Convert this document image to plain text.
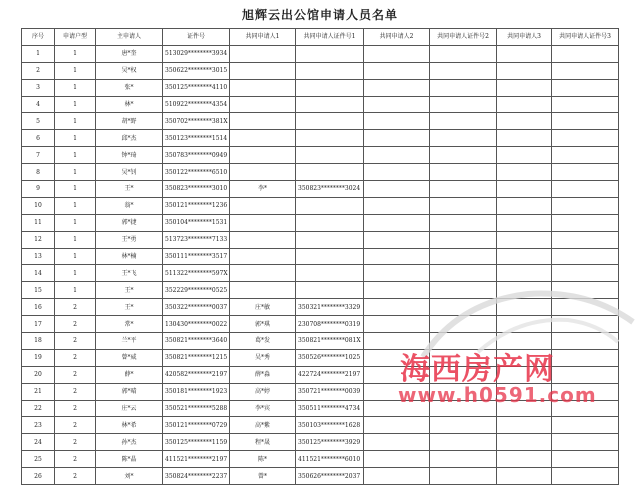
旭辉云出公馆申请人员名单
序号	申请户型	主申请人	证件号	共同申请人1	共同申请人证件号1	共同申请人2	共同申请人证件号2	共同申请人3	共同申请人证件号3
1	1	唐*奎	513029********3934						
2	1	吴*权	350622********3015						
3	1	张*	350125********4110						
4	1	林*	510922********4354						
5	1	胡*野	350702********381X						
6	1	邱*杰	350123********1514						
7	1	钟*琦	350783********0949						
8	1	吴*钊	350122********6510						
9	1	王*	350823********3010	李*	350823********3024				
10	1	翁*	350121********1236						
11	1	郭*捷	350104********1531						
12	1	王*勇	513723********7133						
13	1	林*楠	350111********3517						
14	1	王*飞	511322********597X						
15	1	王*	352229********0525						
16	2	王*	350322********0037	庄*敏	350321********3329				
17	2	常*	130430********0022	郭*琪	230708********0319				
18	2	兰*平	350821********3640	葛*发	350821********081X				
19	2	曾*威	350821********1215	吴*秀	350526********1025				
20	2	薛*	420582********2197	薛*淼	422724********2197				
21	2	郭*晴	350181********1923	高*婷	350721********0039				
22	2	庄*云	350521********5288	李*宾	350511********4734				
23	2	林*希	350121********0729	高*紫	350103********1628				
24	2	孙*杰	350125********1159	程*晟	350125********3929				
25	2	陈*晶	411521********2197	陈*	411521********6010				
26	2	刘*	350824********2237	曾*	350626********2037				
海西房产网
www.h0591.com
